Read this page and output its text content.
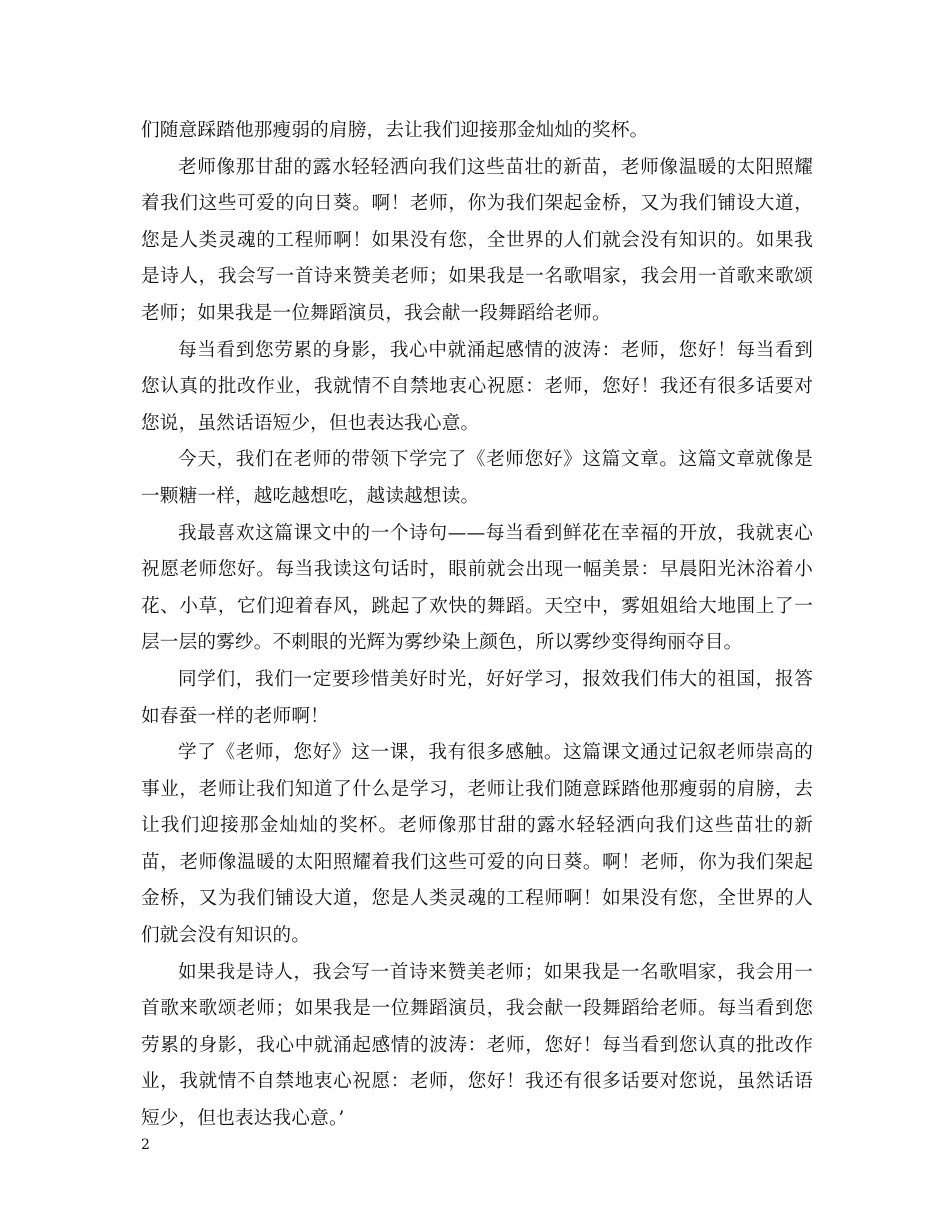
们随意踩踏他那瘦弱的肩膀，去让我们迎接那金灿灿的奖杯。

老师像那甘甜的露水轻轻洒向我们这些苗壮的新苗，老师像温暖的太阳照耀着我们这些可爱的向日葵。啊！老师，你为我们架起金桥，又为我们铺设大道，您是人类灵魂的工程师啊！如果没有您，全世界的人们就会没有知识的。如果我是诗人，我会写一首诗来赞美老师；如果我是一名歌唱家，我会用一首歌来歌颂老师；如果我是一位舞蹈演员，我会献一段舞蹈给老师。

每当看到您劳累的身影，我心中就涌起感情的波涛：老师，您好！每当看到您认真的批改作业，我就情不自禁地衷心祝愿：老师，您好！我还有很多话要对您说，虽然话语短少，但也表达我心意。

今天，我们在老师的带领下学完了《老师您好》这篇文章。这篇文章就像是一颗糖一样，越吃越想吃，越读越想读。

我最喜欢这篇课文中的一个诗句——每当看到鲜花在幸福的开放，我就衷心祝愿老师您好。每当我读这句话时，眼前就会出现一幅美景：早晨阳光沐浴着小花、小草，它们迎着春风，跳起了欢快的舞蹈。天空中，雾姐姐给大地围上了一层一层的雾纱。不刺眼的光辉为雾纱染上颜色，所以雾纱变得绚丽夺目。

同学们，我们一定要珍惜美好时光，好好学习，报效我们伟大的祖国，报答如春蚕一样的老师啊！

学了《老师，您好》这一课，我有很多感触。这篇课文通过记叙老师崇高的事业，老师让我们知道了什么是学习，老师让我们随意踩踏他那瘦弱的肩膀，去让我们迎接那金灿灿的奖杯。老师像那甘甜的露水轻轻洒向我们这些苗壮的新苗，老师像温暖的太阳照耀着我们这些可爱的向日葵。啊！老师，你为我们架起金桥，又为我们铺设大道，您是人类灵魂的工程师啊！如果没有您，全世界的人们就会没有知识的。

如果我是诗人，我会写一首诗来赞美老师；如果我是一名歌唱家，我会用一首歌来歌颂老师；如果我是一位舞蹈演员，我会献一段舞蹈给老师。每当看到您劳累的身影，我心中就涌起感情的波涛：老师，您好！每当看到您认真的批改作业，我就情不自禁地衷心祝愿：老师，您好！我还有很多话要对您说，虽然话语短少，但也表达我心意。’

2
